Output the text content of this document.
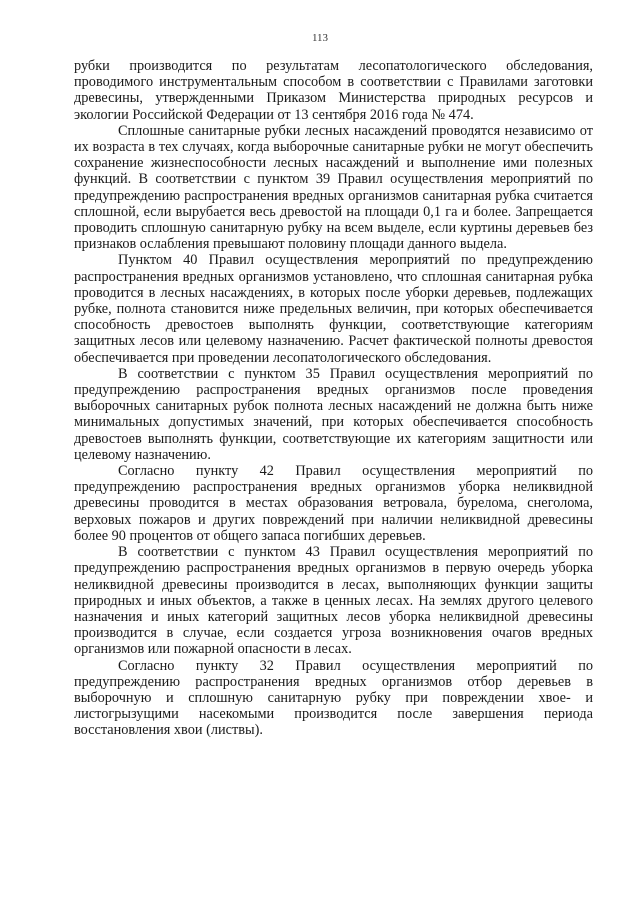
113

рубки производится по результатам лесопатологического обследования, проводимого инструментальным способом в соответствии с Правилами заготовки древесины, утвержденными Приказом Министерства природных ресурсов и экологии Российской Федерации от 13 сентября 2016 года № 474.

Сплошные санитарные рубки лесных насаждений проводятся независимо от их возраста в тех случаях, когда выборочные санитарные рубки не могут обеспечить сохранение жизнеспособности лесных насаждений и выполнение ими полезных функций. В соответствии с пунктом 39 Правил осуществления мероприятий по предупреждению распространения вредных организмов санитарная рубка считается сплошной, если вырубается весь древостой на площади 0,1 га и более. Запрещается проводить сплошную санитарную рубку на всем выделе, если куртины деревьев без признаков ослабления превышают половину площади данного выдела.

Пунктом 40 Правил осуществления мероприятий по предупреждению распространения вредных организмов установлено, что сплошная санитарная рубка проводится в лесных насаждениях, в которых после уборки деревьев, подлежащих рубке, полнота становится ниже предельных величин, при которых обеспечивается способность древостоев выполнять функции, соответствующие категориям защитных лесов или целевому назначению. Расчет фактической полноты древостоя обеспечивается при проведении лесопатологического обследования.

В соответствии с пунктом 35 Правил осуществления мероприятий по предупреждению распространения вредных организмов после проведения выборочных санитарных рубок полнота лесных насаждений не должна быть ниже минимальных допустимых значений, при которых обеспечивается способность древостоев выполнять функции, соответствующие их категориям защитности или целевому назначению.

Согласно пункту 42 Правил осуществления мероприятий по предупреждению распространения вредных организмов уборка неликвидной древесины проводится в местах образования ветровала, бурелома, снеголома, верховых пожаров и других повреждений при наличии неликвидной древесины более 90 процентов от общего запаса погибших деревьев.

В соответствии с пунктом 43 Правил осуществления мероприятий по предупреждению распространения вредных организмов в первую очередь уборка неликвидной древесины производится в лесах, выполняющих функции защиты природных и иных объектов, а также в ценных лесах. На землях другого целевого назначения и иных категорий защитных лесов уборка неликвидной древесины производится в случае, если создается угроза возникновения очагов вредных организмов или пожарной опасности в лесах.

Согласно пункту 32 Правил осуществления мероприятий по предупреждению распространения вредных организмов отбор деревьев в выборочную и сплошную санитарную рубку при повреждении хвое- и листогрызущими насекомыми производится после завершения периода восстановления хвои (листвы).
